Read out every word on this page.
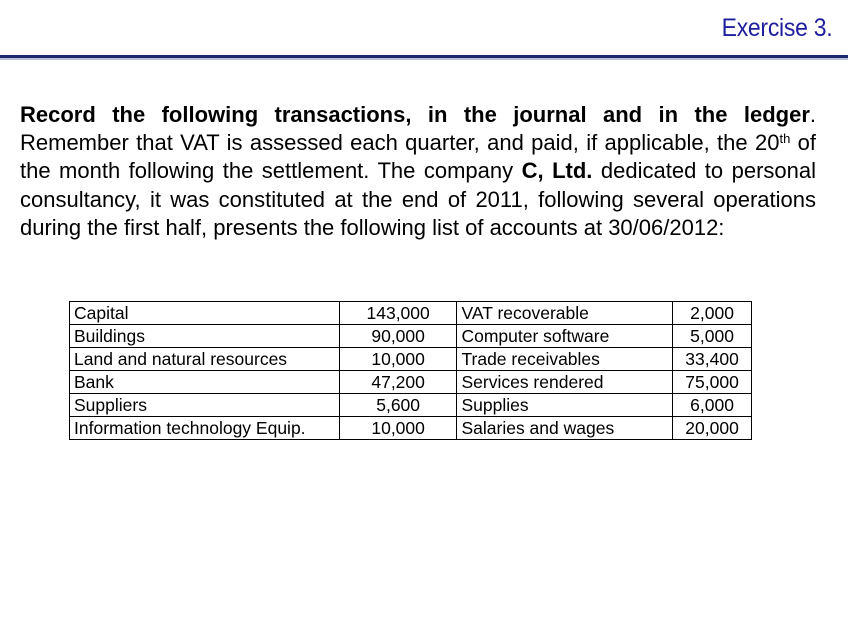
Exercise 3.
Record the following transactions, in the journal and in the ledger. Remember that VAT is assessed each quarter, and paid, if applicable, the 20th of the month following the settlement. The company C, Ltd. dedicated to personal consultancy, it was constituted at the end of 2011, following several operations during the first half, presents the following list of accounts at 30/06/2012:
Capital	143,000	VAT recoverable	2,000
Buildings	90,000	Computer software	5,000
Land and natural resources	10,000	Trade receivables	33,400
Bank	47,200	Services rendered	75,000
Suppliers	5,600	Supplies	6,000
Information technology Equip.	10,000	Salaries and wages	20,000
